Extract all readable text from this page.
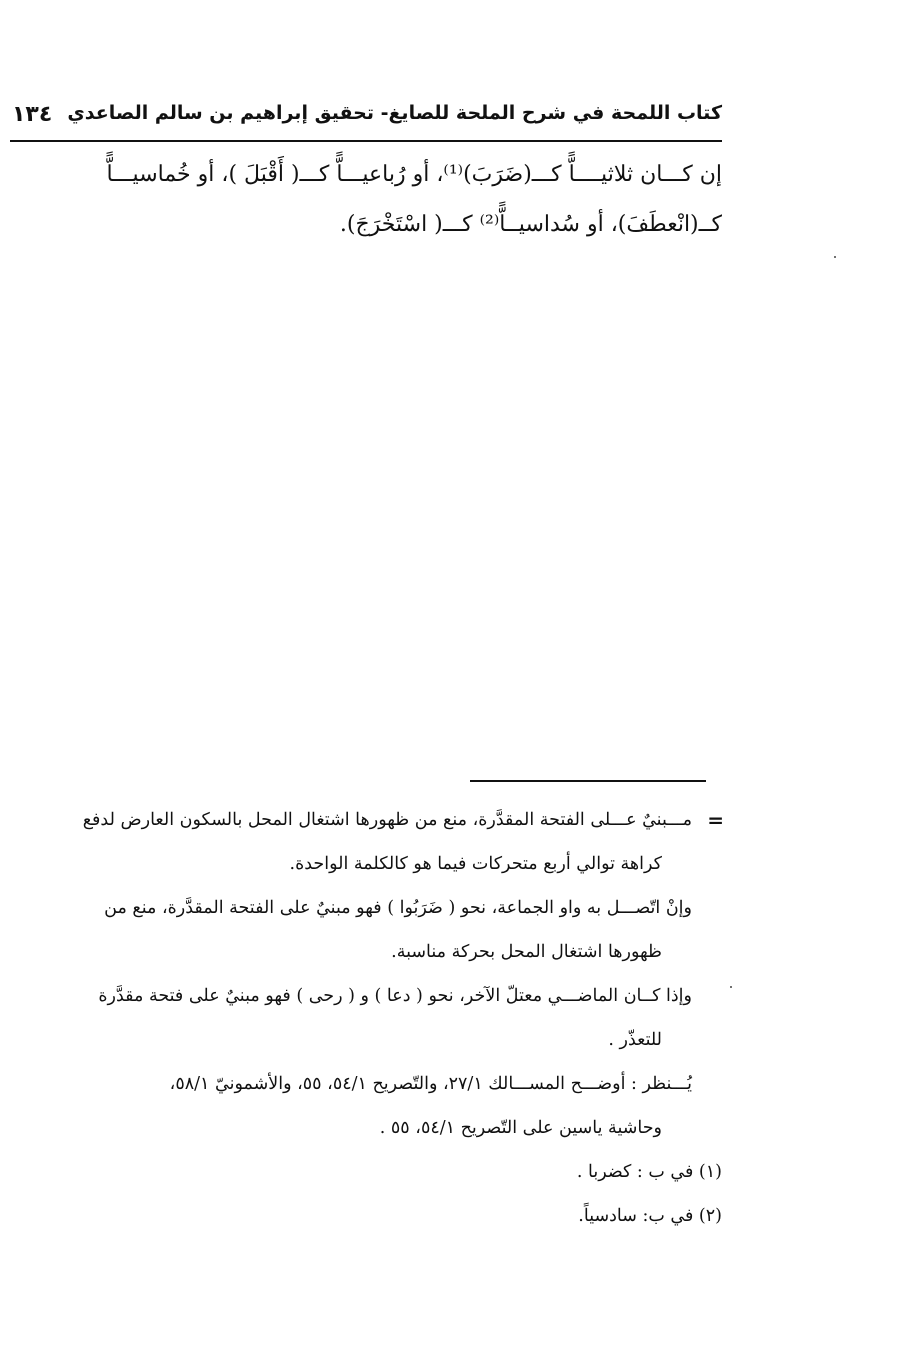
كتاب اللمحة في شرح الملحة للصايغ- تحقيق إبراهيم بن سالم الصاعدي
١٣٤

إن كـــان ثلاثيــــاًّ كـــ(ضَرَبَ)⁽¹⁾، أو رُباعيـــاًّ كـــ( أَقْبَلَ )، أو خُماسيـــاًّ

كــ(انْعطَفَ)، أو سُداسيــاًّ⁽²⁾ كـــ( اسْتَخْرَجَ).

=

مـــبنيٌ عـــلى الفتحة المقدَّرة، منع من ظهورها اشتغال المحل بالسكون العارض لدفع

كراهة توالي أربع متحركات فيما هو كالكلمة الواحدة.

وإنْ اتّصـــل به واو الجماعة، نحو ( ضَرَبُوا ) فهو مبنيٌ على الفتحة المقدَّرة، منع من

ظهورها اشتغال المحل بحركة مناسبة.

وإذا كــان الماضـــي معتلّ الآخر، نحو ( دعا ) و ( رحى ) فهو مبنيٌ على فتحة مقدَّرة

للتعذّر .

يُـــنظر : أوضـــح المســـالك ٢٧/١، والتّصريح ٥٤/١، ٥٥، والأشمونيّ ٥٨/١،

وحاشية ياسين على التّصريح ٥٤/١، ٥٥ .

(١) في ب : كضربا .

(٢) في ب: سادسياً.
